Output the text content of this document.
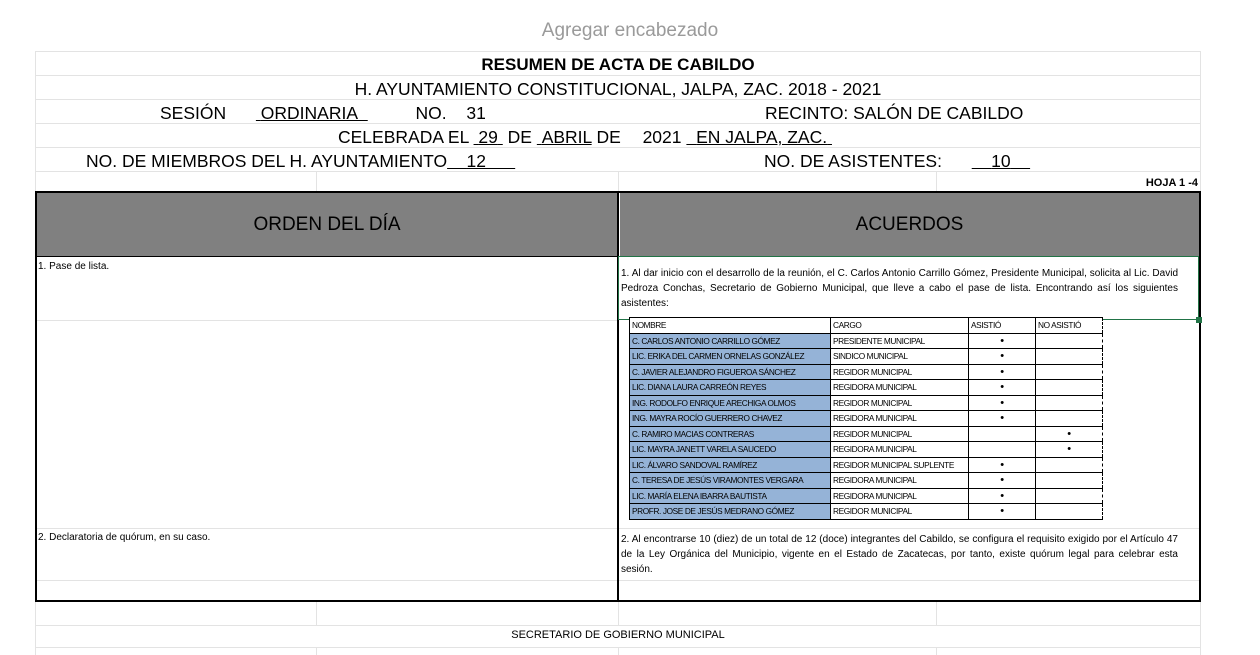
Agregar encabezado
RESUMEN DE ACTA DE CABILDO
H. AYUNTAMIENTO CONSTITUCIONAL, JALPA, ZAC. 2018 - 2021
SESIÓN ORDINARIA	NO. 31	RECINTO: SALÓN DE CABILDO
CELEBRADA EL 29 DE ABRIL DE 2021 EN JALPA, ZAC.
NO. DE MIEMBROS DEL H. AYUNTAMIENTO 12	NO. DE ASISTENTES:	10
HOJA 1 -4
ORDEN DEL DÍA	ACUERDOS
1. Pase de lista.
2. Declaratoria de quórum, en su caso.
1. Al dar inicio con el desarrollo de la reunión, el C. Carlos Antonio Carrillo Gómez, Presidente Municipal, solicita al Lic. David Pedroza Conchas, Secretario de Gobierno Municipal, que lleve a cabo el pase de lista. Encontrando así los siguientes asistentes:
2. Al encontrarse 10 (diez) de un total de 12 (doce) integrantes del Cabildo, se configura el requisito exigido por el Artículo 47 de la Ley Orgánica del Municipio, vigente en el Estado de Zacatecas, por tanto, existe quórum legal para celebrar esta sesión.
NOMBRE	CARGO	ASISTIÓ	NO ASISTIÓ
C. CARLOS ANTONIO CARRILLO GÓMEZ	PRESIDENTE MUNICIPAL	•	
LIC. ERIKA DEL CARMEN ORNELAS GONZÁLEZ	SINDICO MUNICIPAL	•	
C. JAVIER ALEJANDRO FIGUEROA SÁNCHEZ	REGIDOR MUNICIPAL	•	
LIC. DIANA LAURA CARREÓN REYES	REGIDORA MUNICIPAL	•	
ING. RODOLFO ENRIQUE ARECHIGA OLMOS	REGIDOR MUNICIPAL	•	
ING. MAYRA ROCÍO GUERRERO CHAVEZ	REGIDORA MUNICIPAL	•	
C. RAMIRO MACIAS CONTRERAS	REGIDOR MUNICIPAL		•
LIC. MAYRA JANETT VARELA SAUCEDO	REGIDORA MUNICIPAL		•
LIC. ÁLVARO SANDOVAL RAMÍREZ	REGIDOR MUNICIPAL SUPLENTE	•	
C. TERESA DE JESÚS VIRAMONTES VERGARA	REGIDORA MUNICIPAL	•	
LIC. MARÍA ELENA IBARRA BAUTISTA	REGIDORA MUNICIPAL	•	
PROFR. JOSE DE JESÚS MEDRANO GÓMEZ	REGIDOR MUNICIPAL	•	
SECRETARIO DE GOBIERNO MUNICIPAL
